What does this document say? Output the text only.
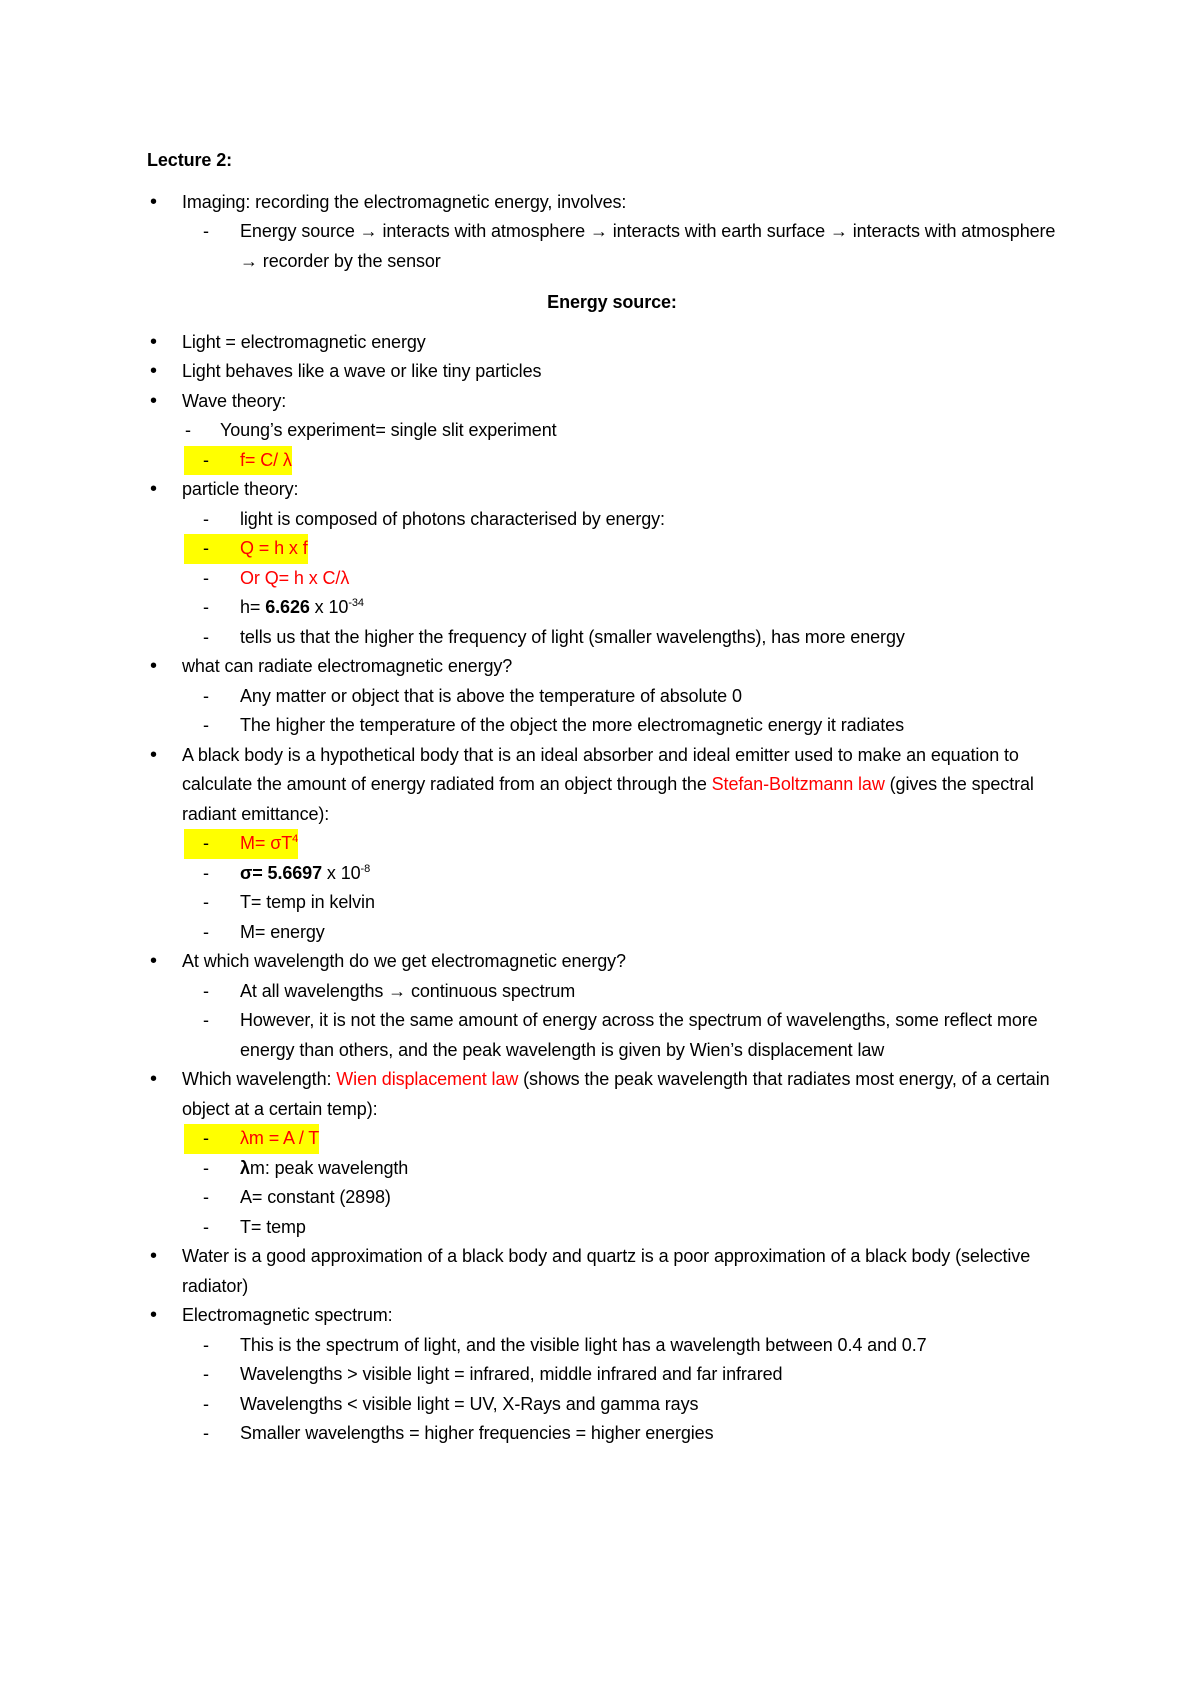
Lecture 2:
• Imaging: recording the electromagnetic energy, involves:
- Energy source → interacts with atmosphere → interacts with earth surface → interacts with atmosphere → recorder by the sensor
Energy source:
• Light = electromagnetic energy
• Light behaves like a wave or like tiny particles
• Wave theory:
- Young’s experiment= single slit experiment
- f= C/ λ
• particle theory:
- light is composed of photons characterised by energy:
- Q = h x f
- Or Q= h x C/λ
- h= 6.626 x $10^{-34}$
- tells us that the higher the frequency of light (smaller wavelengths), has more energy
• what can radiate electromagnetic energy?
- Any matter or object that is above the temperature of absolute 0
- The higher the temperature of the object the more electromagnetic energy it radiates
• A black body is a hypothetical body that is an ideal absorber and ideal emitter used to make an equation to calculate the amount of energy radiated from an object through the Stefan-Boltzmann law (gives the spectral radiant emittance):
- $M= \sigma T^4$
- σ= 5.6697 x $10^{-8}$
- T= temp in kelvin
- M= energy
• At which wavelength do we get electromagnetic energy?
- At all wavelengths → continuous spectrum
- However, it is not the same amount of energy across the spectrum of wavelengths, some reflect more energy than others, and the peak wavelength is given by Wien’s displacement law
• Which wavelength: Wien displacement law (shows the peak wavelength that radiates most energy, of a certain object at a certain temp):
- λm = A / T
- λm: peak wavelength
- A= constant (2898)
- T= temp
• Water is a good approximation of a black body and quartz is a poor approximation of a black body (selective radiator)
• Electromagnetic spectrum:
- This is the spectrum of light, and the visible light has a wavelength between 0.4 and 0.7
- Wavelengths > visible light = infrared, middle infrared and far infrared
- Wavelengths < visible light = UV, X-Rays and gamma rays
- Smaller wavelengths = higher frequencies = higher energies
